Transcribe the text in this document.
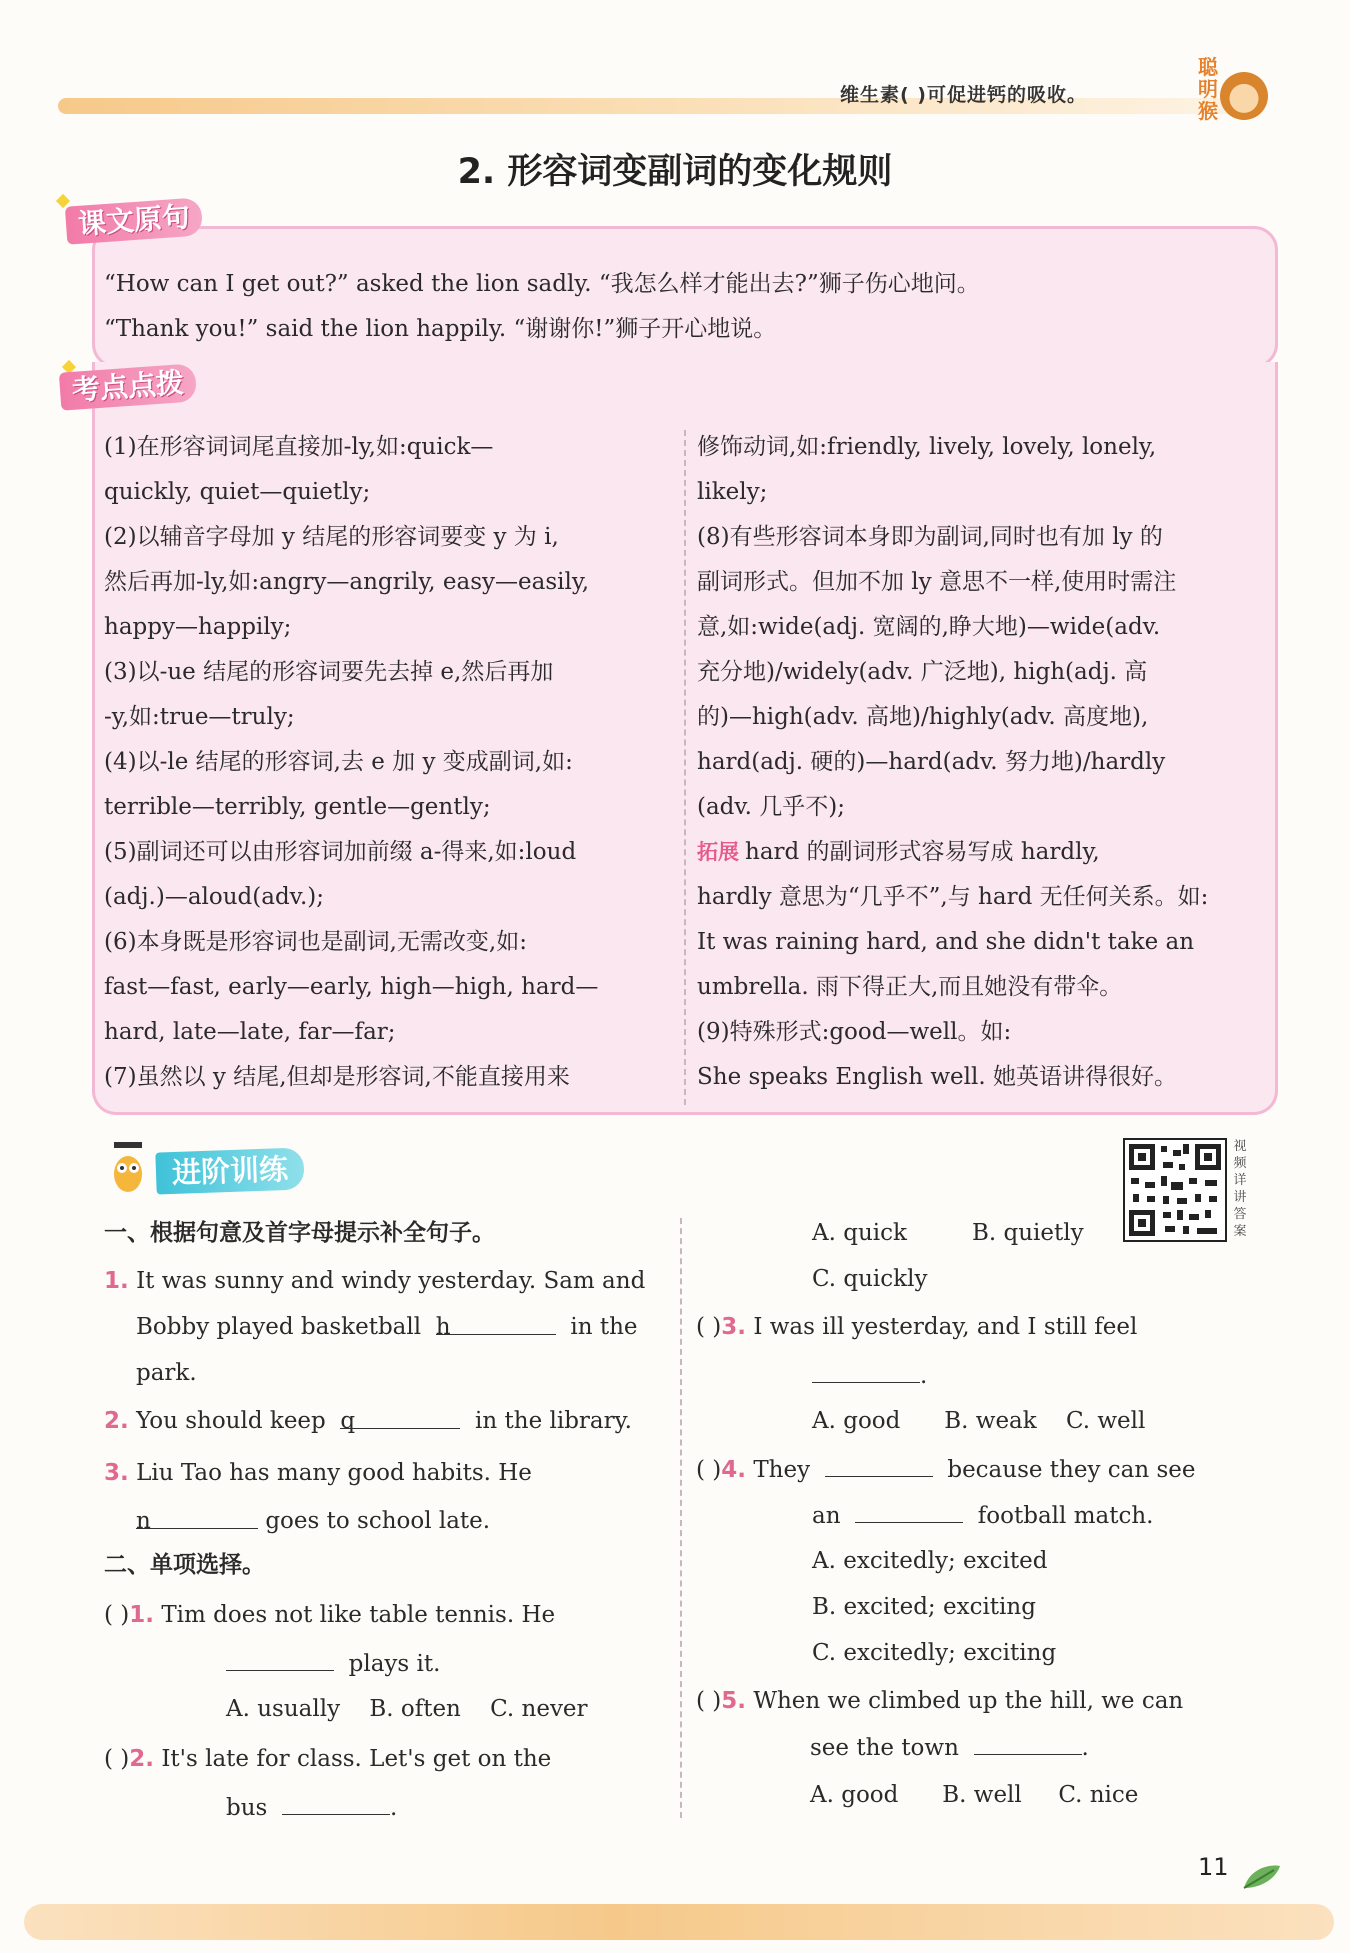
维生素( )可促进钙的吸收。
聪
明
猴
2. 形容词变副词的变化规则
课文原句
“How can I get out?” asked the lion sadly. “我怎么样才能出去?”狮子伤心地问。
“Thank you!” said the lion happily. “谢谢你!”狮子开心地说。
考点点拨
(1)在形容词词尾直接加-ly,如:quick—
quickly, quiet—quietly;
(2)以辅音字母加 y 结尾的形容词要变 y 为 i,
然后再加-ly,如:angry—angrily, easy—easily,
happy—happily;
(3)以-ue 结尾的形容词要先去掉 e,然后再加
-y,如:true—truly;
(4)以-le 结尾的形容词,去 e 加 y 变成副词,如:
terrible—terribly, gentle—gently;
(5)副词还可以由形容词加前缀 a-得来,如:loud
(adj.)—aloud(adv.);
(6)本身既是形容词也是副词,无需改变,如:
fast—fast, early—early, high—high, hard—
hard, late—late, far—far;
(7)虽然以 y 结尾,但却是形容词,不能直接用来
修饰动词,如:friendly, lively, lovely, lonely,
likely;
(8)有些形容词本身即为副词,同时也有加 ly 的
副词形式。但加不加 ly 意思不一样,使用时需注
意,如:wide(adj. 宽阔的,睁大地)—wide(adv.
充分地)/widely(adv. 广泛地), high(adj. 高
的)—high(adv. 高地)/highly(adv. 高度地),
hard(adj. 硬的)—hard(adv. 努力地)/hardly
(adv. 几乎不);
拓展 hard 的副词形式容易写成 hardly,
hardly 意思为“几乎不”,与 hard 无任何关系。如:
It was raining hard, and she didn't take an
umbrella. 雨下得正大,而且她没有带伞。
(9)特殊形式:good—well。如:
She speaks English well. 她英语讲得很好。
进阶训练
视
频
详
讲
答
案
一、根据句意及首字母提示补全句子。
1. It was sunny and windy yesterday. Sam and
Bobby played basketball h	in the
park.
2. You should keep q	in the library.
3. Liu Tao has many good habits. He
n	goes to school late.
二、单项选择。
( )1. Tim does not like table tennis. He
plays it.
A. usually    B. often    C. never
( )2. It's late for class. Let's get on the
bus	.
A. quick	B. quietly
C. quickly
( )3. I was ill yesterday, and I still feel
.
A. good      B. weak    C. well
( )4. They	because they can see
an	football match.
A. excitedly; excited
B. excited; exciting
C. excitedly; exciting
( )5. When we climbed up the hill, we can
see the town	.
A. good      B. well     C. nice
11
